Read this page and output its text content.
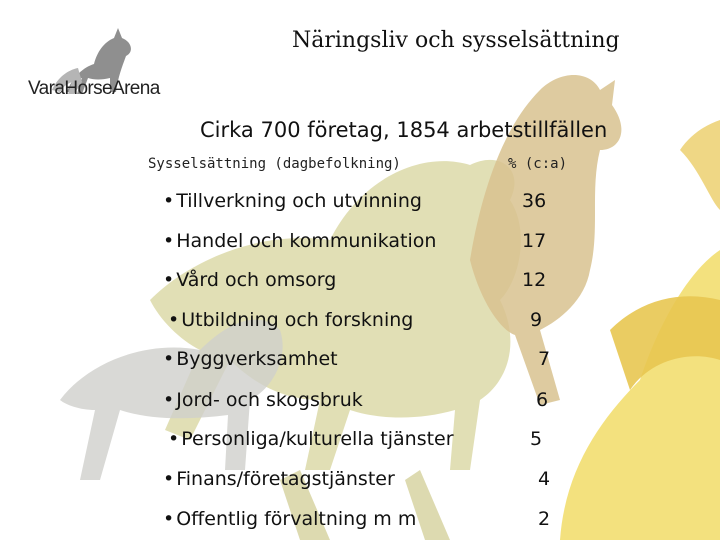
VaraHorseArena
Näringsliv och sysselsättning
Cirka 700 företag, 1854 arbetstillfällen
Sysselsättning (dagbefolkning)	% (c:a)
• Tillverkning och utvinning	36
• Handel och kommunikation	17
• Vård och omsorg	12
• Utbildning och forskning	9
• Byggverksamhet	7
• Jord- och skogsbruk	6
• Personliga/kulturella tjänster	5
• Finans/företagstjänster	4
• Offentlig förvaltning m m	2
